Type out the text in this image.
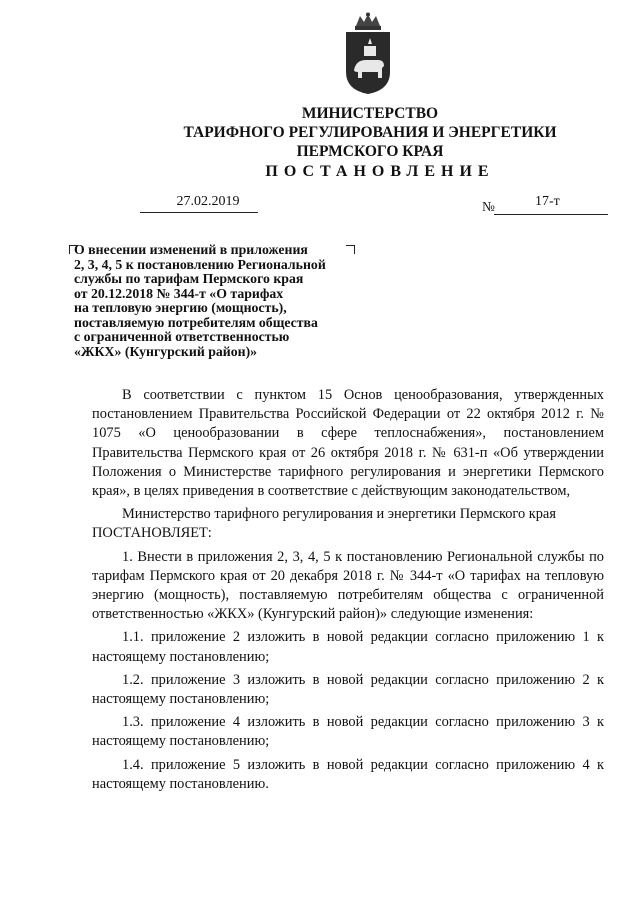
МИНИСТЕРСТВО
ТАРИФНОГО РЕГУЛИРОВАНИЯ И ЭНЕРГЕТИКИ
ПЕРМСКОГО КРАЯ
ПОСТАНОВЛЕНИЕ
27.02.2019	№	17-т
О внесении изменений в приложения
2, 3, 4, 5 к постановлению Региональной
службы по тарифам Пермского края
от 20.12.2018 № 344-т «О тарифах
на тепловую энергию (мощность),
поставляемую потребителям общества
с ограниченной ответственностью
«ЖКХ» (Кунгурский район)»

В соответствии с пунктом 15 Основ ценообразования, утвержденных постановлением Правительства Российской Федерации от 22 октября 2012 г. № 1075 «О ценообразовании в сфере теплоснабжения», постановлением Правительства Пермского края от 26 октября 2018 г. № 631-п «Об утверждении Положения о Министерстве тарифного регулирования и энергетики Пермского края», в целях приведения в соответствие с действующим законодательством,

Министерство тарифного регулирования и энергетики Пермского края

ПОСТАНОВЛЯЕТ:

1. Внести в приложения 2, 3, 4, 5 к постановлению Региональной службы по тарифам Пермского края от 20 декабря 2018 г. № 344-т «О тарифах на тепловую энергию (мощность), поставляемую потребителям общества с ограниченной ответственностью «ЖКХ» (Кунгурский район)» следующие изменения:

1.1. приложение 2 изложить в новой редакции согласно приложению 1 к настоящему постановлению;

1.2. приложение 3 изложить в новой редакции согласно приложению 2 к настоящему постановлению;

1.3. приложение 4 изложить в новой редакции согласно приложению 3 к настоящему постановлению;

1.4. приложение 5 изложить в новой редакции согласно приложению 4 к настоящему постановлению.
